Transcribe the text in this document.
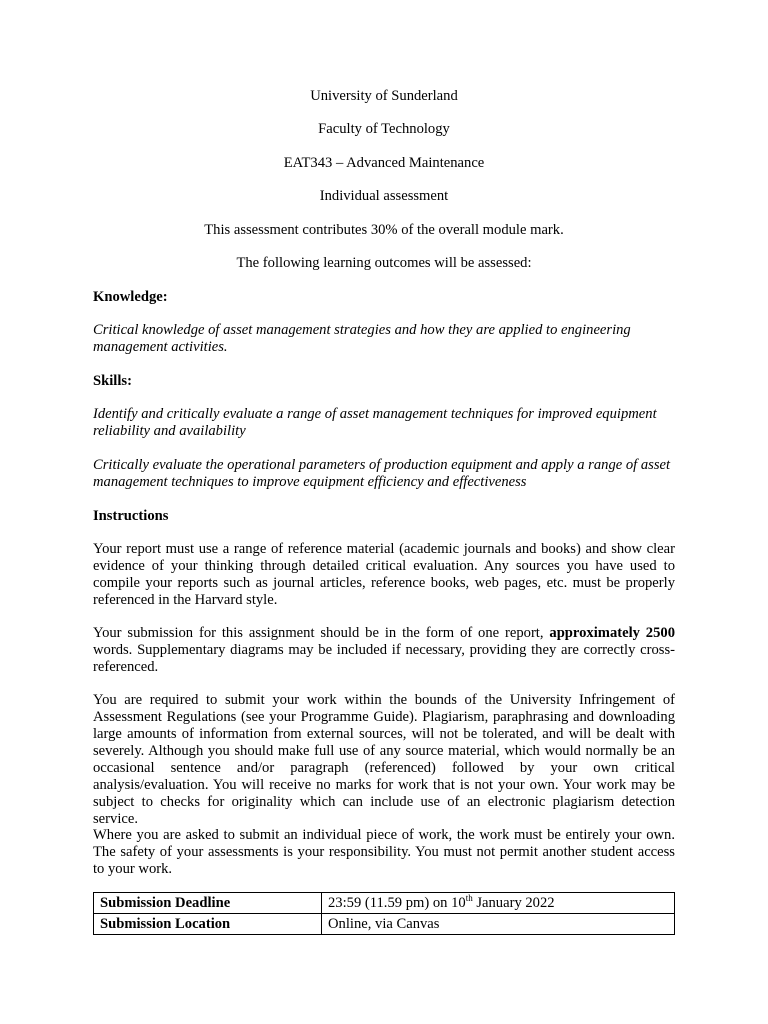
University of Sunderland
Faculty of Technology
EAT343 – Advanced Maintenance
Individual assessment
This assessment contributes 30% of the overall module mark.
The following learning outcomes will be assessed:

Knowledge:

Critical knowledge of asset management strategies and how they are applied to engineering management activities.

Skills:

Identify and critically evaluate a range of asset management techniques for improved equipment reliability and availability

Critically evaluate the operational parameters of production equipment and apply a range of asset management techniques to improve equipment efficiency and effectiveness

Instructions

Your report must use a range of reference material (academic journals and books) and show clear evidence of your thinking through detailed critical evaluation. Any sources you have used to compile your reports such as journal articles, reference books, web pages, etc. must be properly referenced in the Harvard style.

Your submission for this assignment should be in the form of one report, approximately 2500 words. Supplementary diagrams may be included if necessary, providing they are correctly cross-referenced.

You are required to submit your work within the bounds of the University Infringement of Assessment Regulations (see your Programme Guide). Plagiarism, paraphrasing and downloading large amounts of information from external sources, will not be tolerated, and will be dealt with severely. Although you should make full use of any source material, which would normally be an occasional sentence and/or paragraph (referenced) followed by your own critical analysis/evaluation. You will receive no marks for work that is not your own. Your work may be subject to checks for originality which can include use of an electronic plagiarism detection service.

Where you are asked to submit an individual piece of work, the work must be entirely your own. The safety of your assessments is your responsibility. You must not permit another student access to your work.

Submission Deadline	23:59 (11.59 pm) on 10th January 2022
Submission Location	Online, via Canvas
